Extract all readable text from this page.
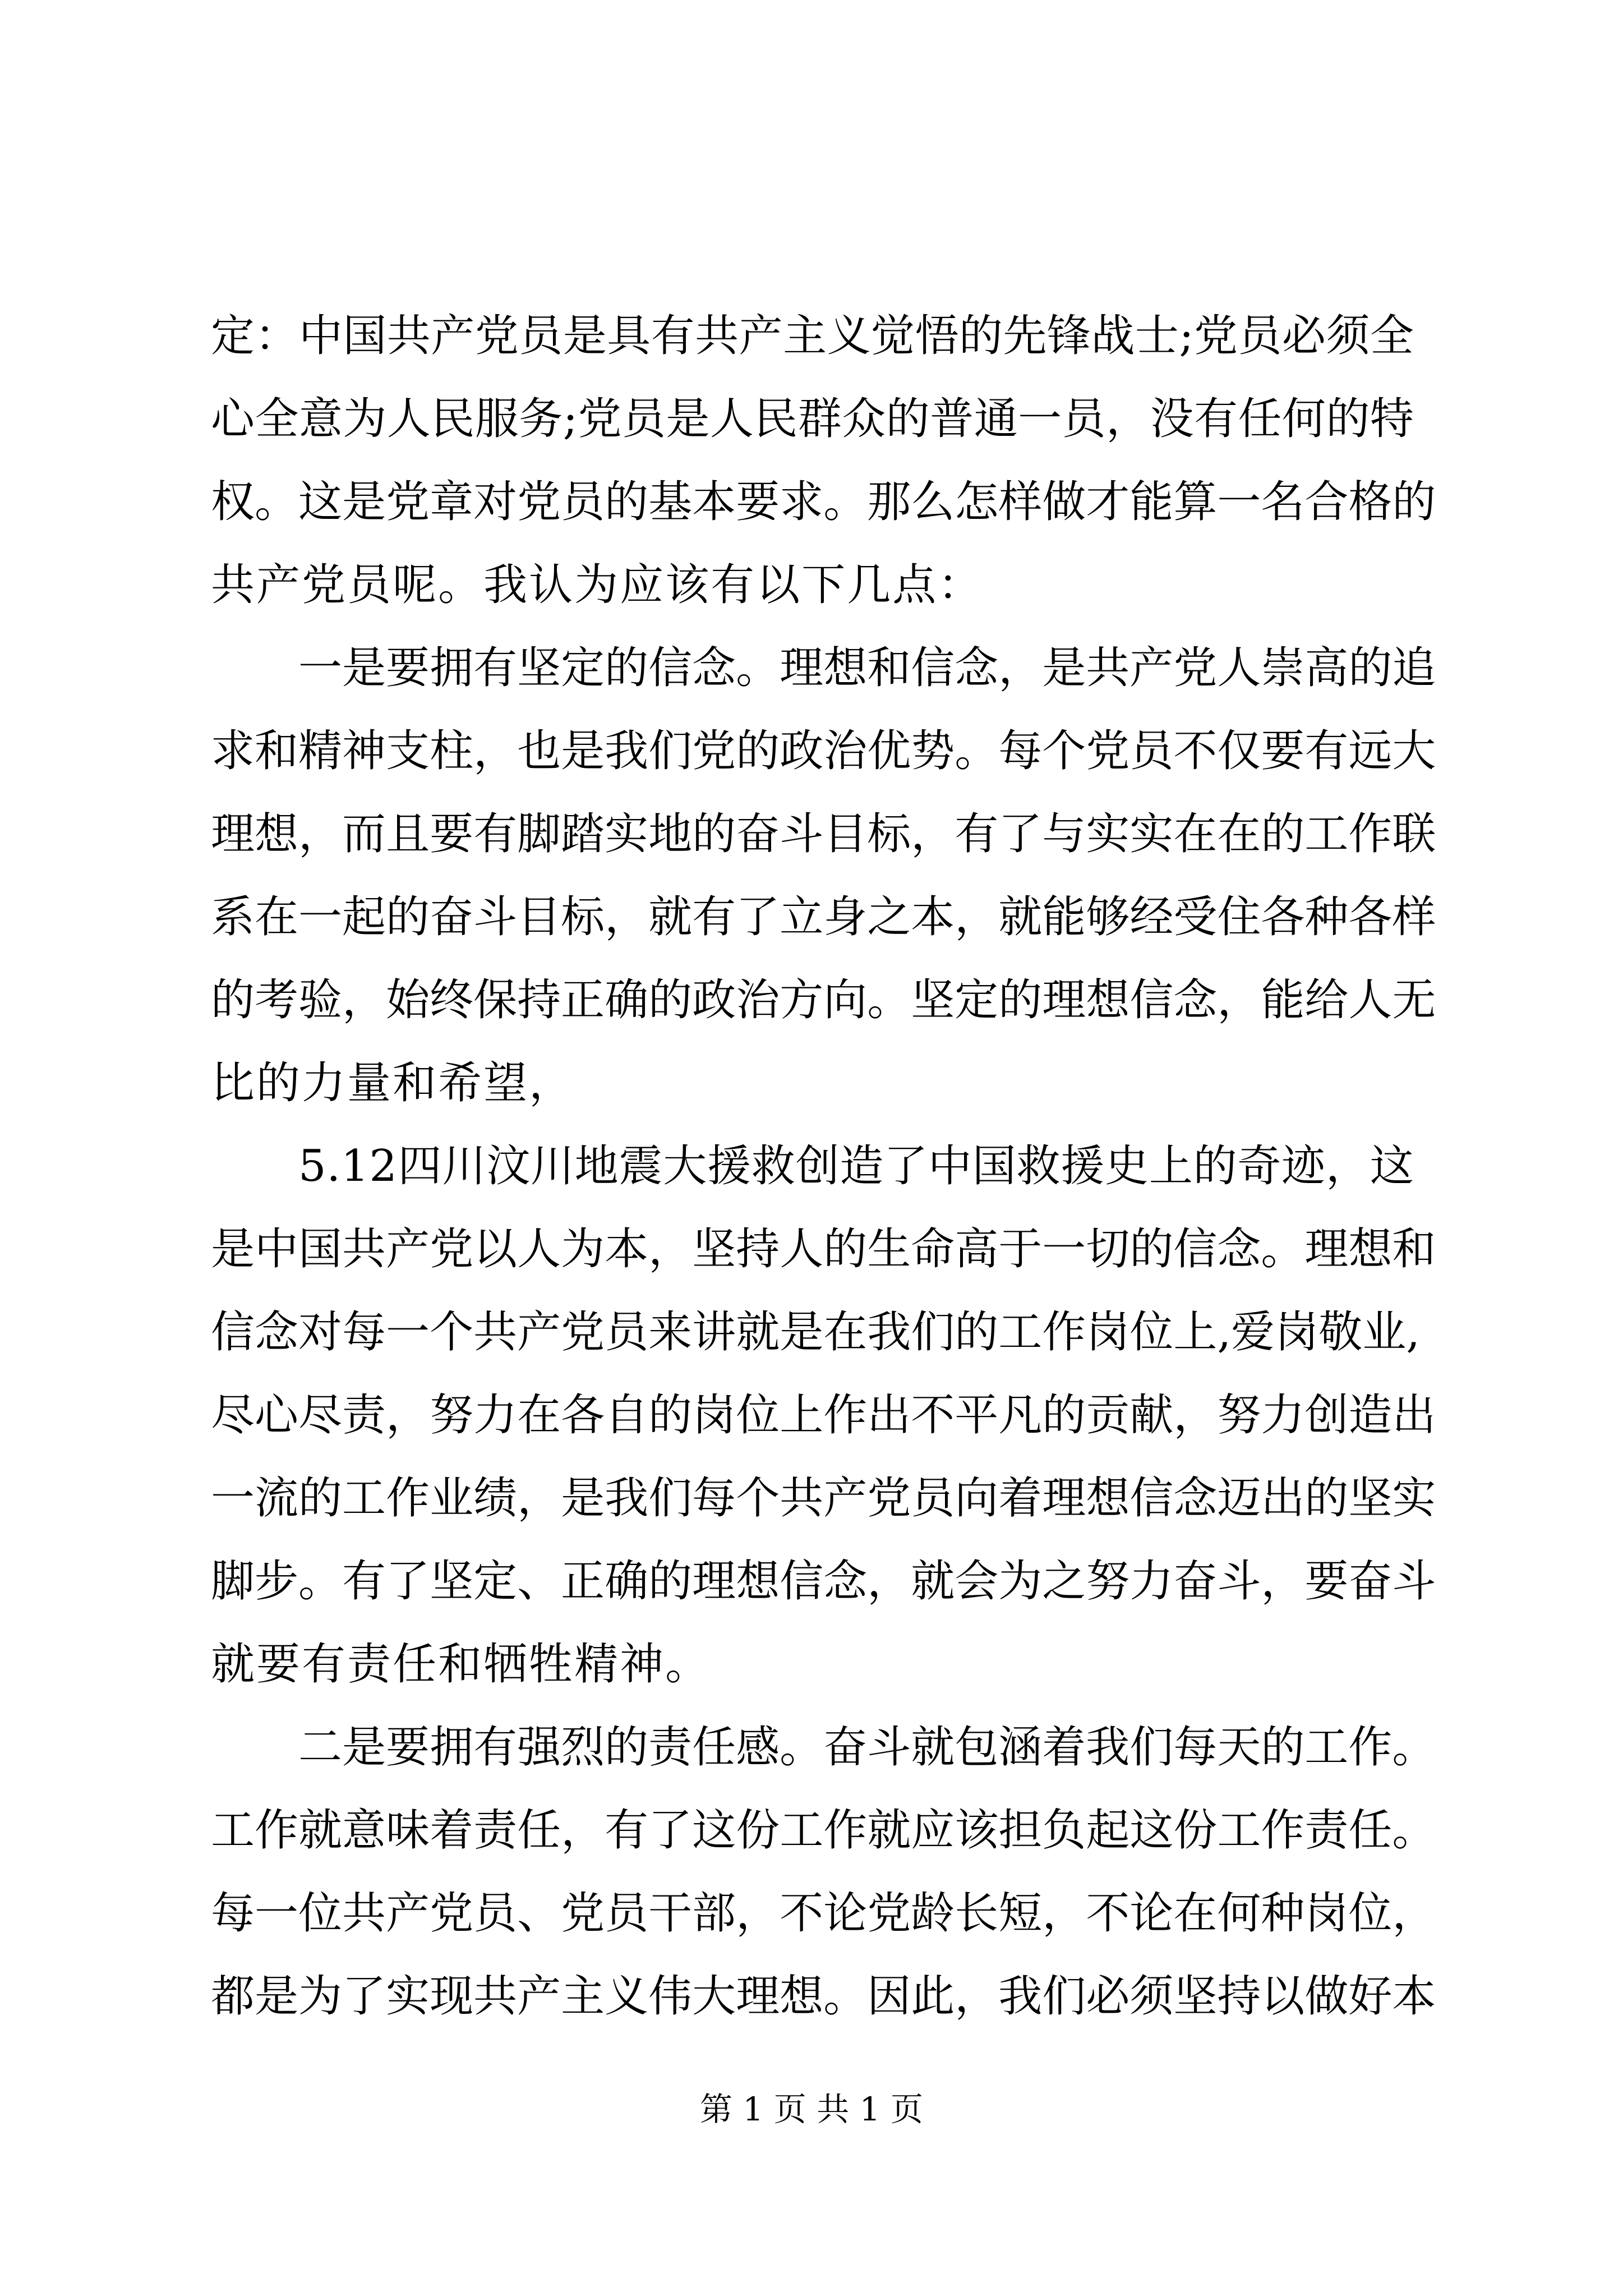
定 ： 中 国 共 产 党 员 是 具 有 共 产 主 义 觉 悟 的 先 锋 战 士 ; 党 员 必 须 全
心 全 意 为 人 民 服 务 ; 党 员 是 人 民 群 众 的 普 通 一 员 ， 没 有 任 何 的 特
权 。 这 是 党 章 对 党 员 的 基 本 要 求 。 那 么 怎 样 做 才 能 算 一 名 合 格 的
共 产 党 员 呢 。 我 认 为 应 该 有 以 下 几 点 ：
一 是 要 拥 有 坚 定 的 信 念 。 理 想 和 信 念 ， 是 共 产 党 人 崇 高 的 追
求 和 精 神 支 柱 ， 也 是 我 们 党 的 政 治 优 势 。 每 个 党 员 不 仅 要 有 远 大
理 想 ， 而 且 要 有 脚 踏 实 地 的 奋 斗 目 标 ， 有 了 与 实 实 在 在 的 工 作 联
系 在 一 起 的 奋 斗 目 标 ， 就 有 了 立 身 之 本 ， 就 能 够 经 受 住 各 种 各 样
的 考 验 ， 始 终 保 持 正 确 的 政 治 方 向 。 坚 定 的 理 想 信 念 ， 能 给 人 无
比 的 力 量 和 希 望 ，
5 . 1 2 四 川 汶 川 地 震 大 援 救 创 造 了 中 国 救 援 史 上 的 奇 迹 ， 这
是 中 国 共 产 党 以 人 为 本 ， 坚 持 人 的 生 命 高 于 一 切 的 信 念 。 理 想 和
信 念 对 每 一 个 共 产 党 员 来 讲 就 是 在 我 们 的 工 作 岗 位 上 , 爱 岗 敬 业 ,
尽 心 尽 责 ， 努 力 在 各 自 的 岗 位 上 作 出 不 平 凡 的 贡 献 ， 努 力 创 造 出
一 流 的 工 作 业 绩 ， 是 我 们 每 个 共 产 党 员 向 着 理 想 信 念 迈 出 的 坚 实
脚 步 。 有 了 坚 定 、 正 确 的 理 想 信 念 ， 就 会 为 之 努 力 奋 斗 ， 要 奋 斗
就 要 有 责 任 和 牺 牲 精 神 。
二 是 要 拥 有 强 烈 的 责 任 感 。 奋 斗 就 包 涵 着 我 们 每 天 的 工 作 。
工 作 就 意 味 着 责 任 ， 有 了 这 份 工 作 就 应 该 担 负 起 这 份 工 作 责 任 。
每 一 位 共 产 党 员 、 党 员 干 部 ， 不 论 党 龄 长 短 ， 不 论 在 何 种 岗 位 ，
都 是 为 了 实 现 共 产 主 义 伟 大 理 想 。 因 此 ， 我 们 必 须 坚 持 以 做 好 本
第 1 页 共 1 页
